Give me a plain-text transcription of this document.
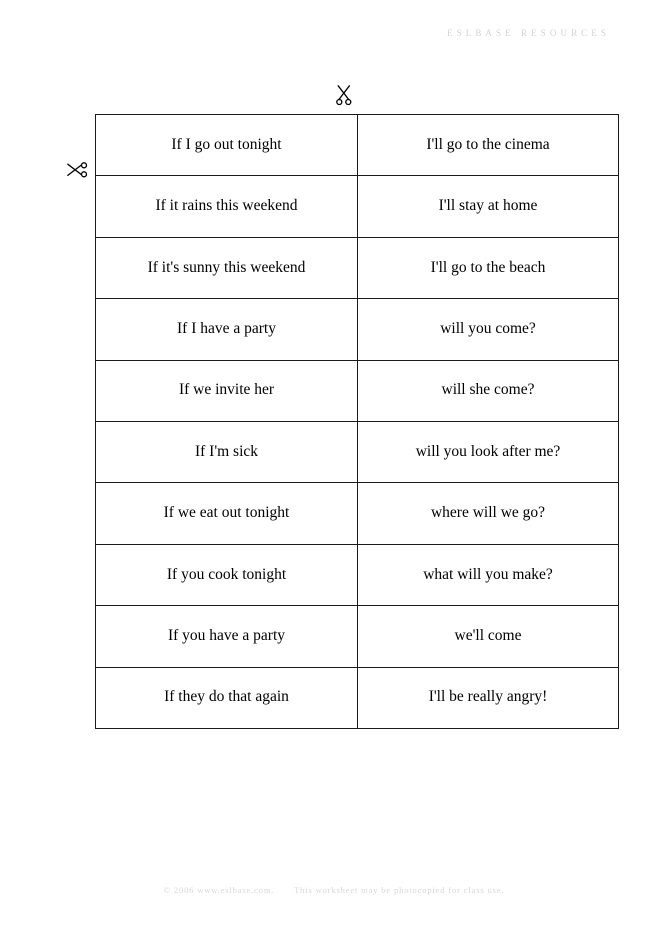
ESLBASE RESOURCES
If I go out tonight	I'll go to the cinema
If it rains this weekend	I'll stay at home
If it's sunny this weekend	I'll go to the beach
If I have a party	will you come?
If we invite her	will she come?
If I'm sick	will you look after me?
If we eat out tonight	where will we go?
If you cook tonight	what will you make?
If you have a party	we'll come
If they do that again	I'll be really angry!
© 2006 www.eslbase.com. This worksheet may be photocopied for class use.
